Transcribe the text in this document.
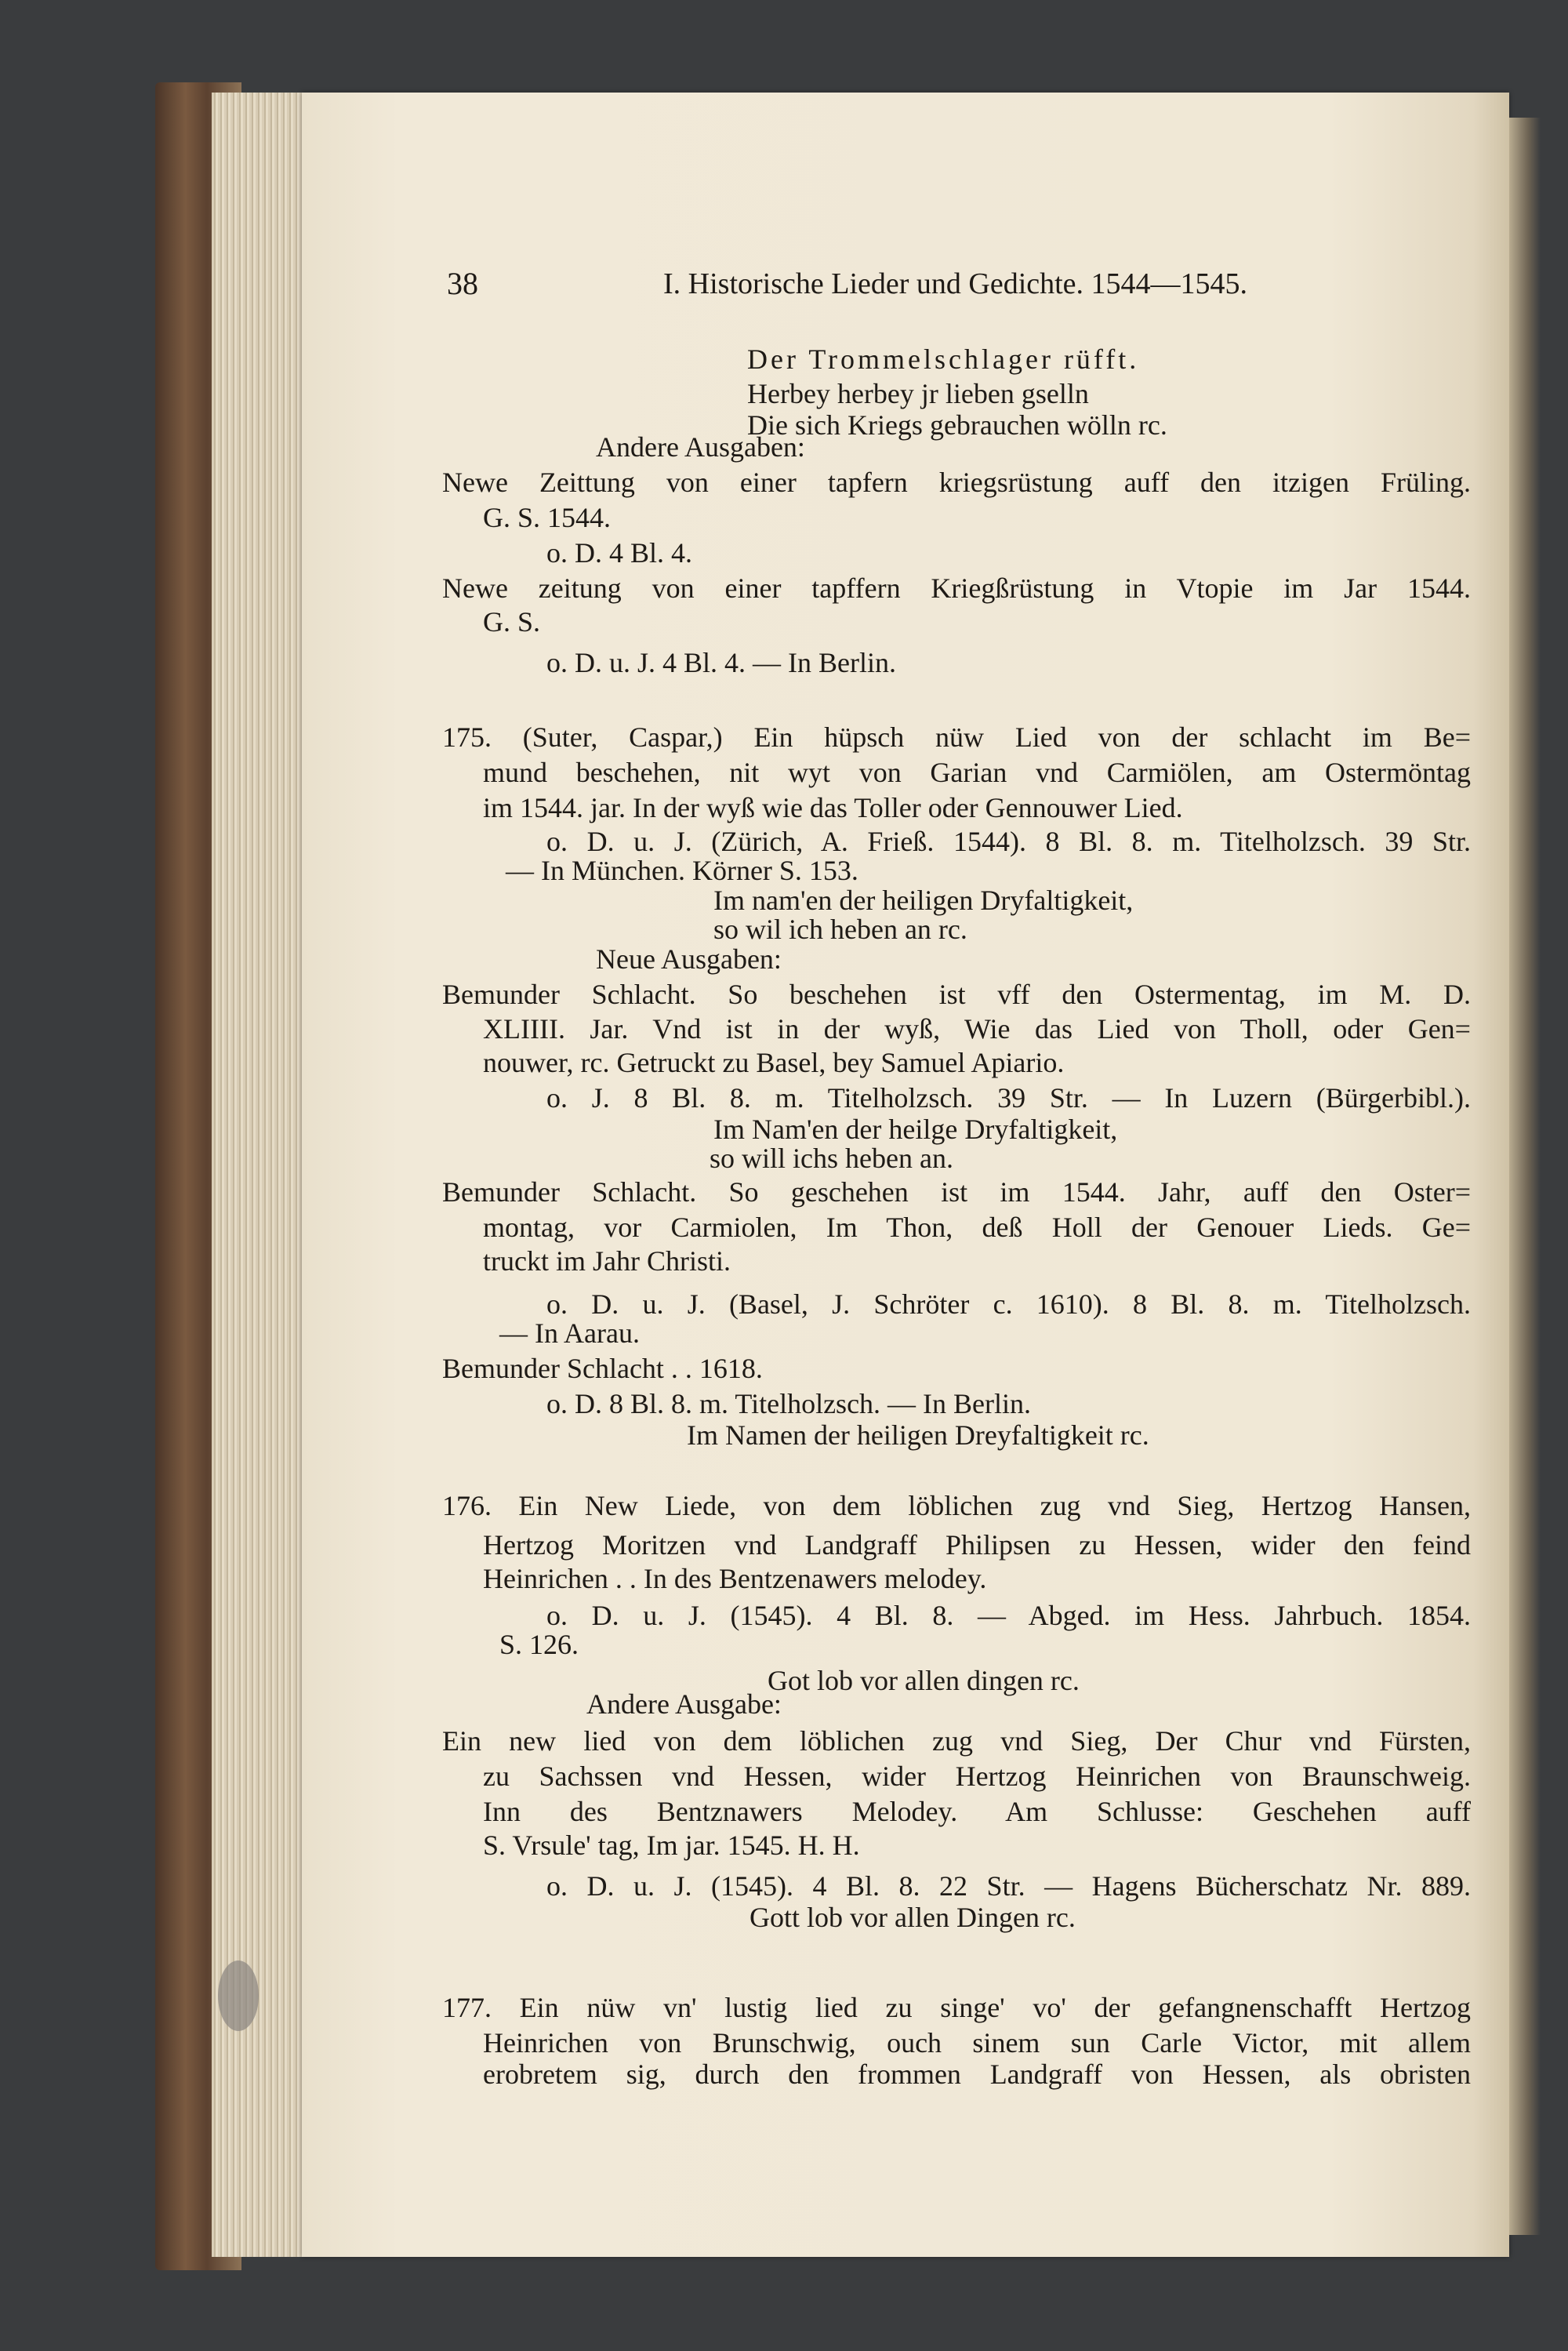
38	I. Historische Lieder und Gedichte. 1544—1545.
Der Trommelschlager rüfft.
Herbey herbey jr lieben gselln
Die sich Kriegs gebrauchen wölln rc.
Andere Ausgaben:
Newe Zeittung von einer tapfern kriegsrüstung auff den itzigen Früling.
G. S. 1544.
o. D. 4 Bl. 4.
Newe zeitung von einer tapffern Kriegßrüstung in Vtopie im Jar 1544.
G. S.
o. D. u. J. 4 Bl. 4. — In Berlin.
175. (Suter, Caspar,) Ein hüpsch nüw Lied von der schlacht im Be=
mund beschehen, nit wyt von Garian vnd Carmiölen, am Ostermöntag
im 1544. jar. In der wyß wie das Toller oder Gennouwer Lied.
o. D. u. J. (Zürich, A. Frieß. 1544). 8 Bl. 8. m. Titelholzsch. 39 Str.
— In München. Körner S. 153.
Im nam'en der heiligen Dryfaltigkeit,
so wil ich heben an rc.
Neue Ausgaben:
Bemunder Schlacht. So beschehen ist vff den Ostermentag, im M. D.
XLIIII. Jar. Vnd ist in der wyß, Wie das Lied von Tholl, oder Gen=
nouwer, rc. Getruckt zu Basel, bey Samuel Apiario.
o. J. 8 Bl. 8. m. Titelholzsch. 39 Str. — In Luzern (Bürgerbibl.).
Im Nam'en der heilge Dryfaltigkeit,
so will ichs heben an.
Bemunder Schlacht. So geschehen ist im 1544. Jahr, auff den Oster=
montag, vor Carmiolen, Im Thon, deß Holl der Genouer Lieds. Ge=
truckt im Jahr Christi.
o. D. u. J. (Basel, J. Schröter c. 1610). 8 Bl. 8. m. Titelholzsch.
— In Aarau.
Bemunder Schlacht . . 1618.
o. D. 8 Bl. 8. m. Titelholzsch. — In Berlin.
Im Namen der heiligen Dreyfaltigkeit rc.
176. Ein New Liede, von dem löblichen zug vnd Sieg, Hertzog Hansen,
Hertzog Moritzen vnd Landgraff Philipsen zu Hessen, wider den feind
Heinrichen . . In des Bentzenawers melodey.
o. D. u. J. (1545). 4 Bl. 8. — Abged. im Hess. Jahrbuch. 1854.
S. 126.
Got lob vor allen dingen rc.
Andere Ausgabe:
Ein new lied von dem löblichen zug vnd Sieg, Der Chur vnd Fürsten,
zu Sachssen vnd Hessen, wider Hertzog Heinrichen von Braunschweig.
Inn des Bentznawers Melodey. Am Schlusse: Geschehen auff
S. Vrsule' tag, Im jar. 1545. H. H.
o. D. u. J. (1545). 4 Bl. 8. 22 Str. — Hagens Bücherschatz Nr. 889.
Gott lob vor allen Dingen rc.
177. Ein nüw vn' lustig lied zu singe' vo' der gefangnenschafft Hertzog
Heinrichen von Brunschwig, ouch sinem sun Carle Victor, mit allem
erobretem sig, durch den frommen Landgraff von Hessen, als obristen
